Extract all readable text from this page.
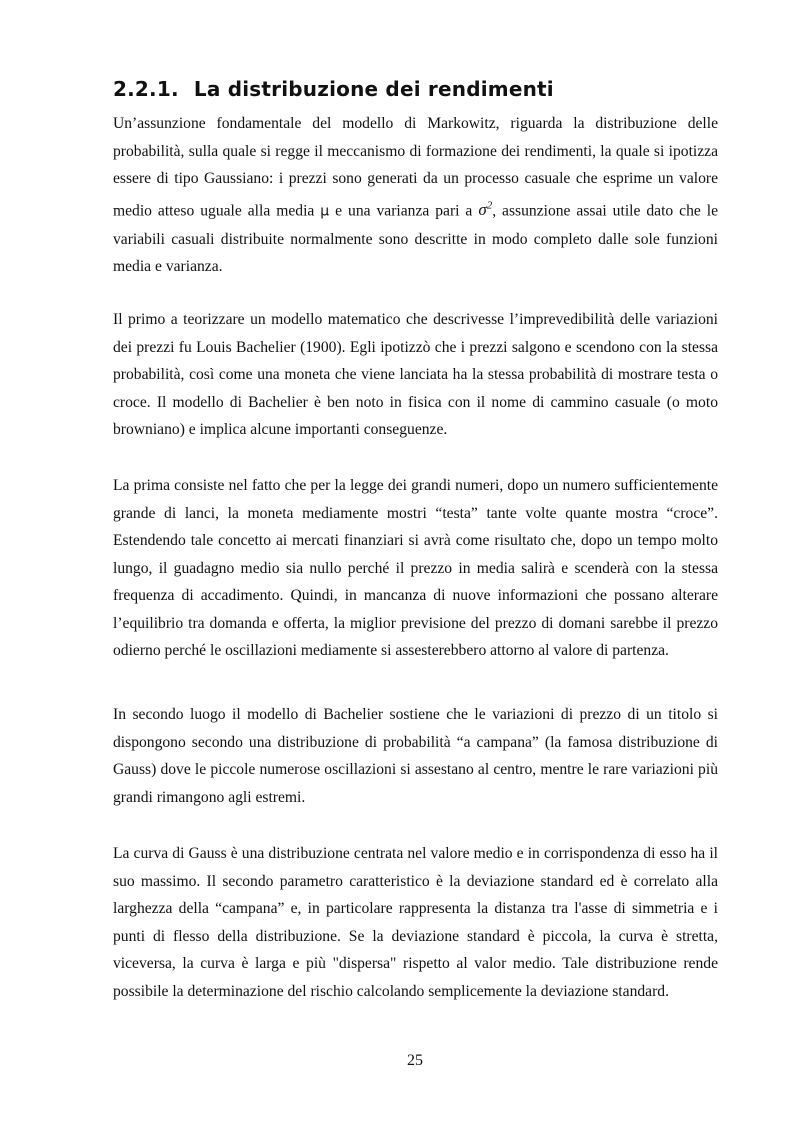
2.2.1. La distribuzione dei rendimenti

Un’assunzione fondamentale del modello di Markowitz, riguarda la distribuzione delle probabilità, sulla quale si regge il meccanismo di formazione dei rendimenti, la quale si ipotizza essere di tipo Gaussiano: i prezzi sono generati da un processo casuale che esprime un valore medio atteso uguale alla media μ e una varianza pari a $\sigma^2$, assunzione assai utile dato che le variabili casuali distribuite normalmente sono descritte in modo completo dalle sole funzioni media e varianza.

Il primo a teorizzare un modello matematico che descrivesse l’imprevedibilità delle variazioni dei prezzi fu Louis Bachelier (1900). Egli ipotizzò che i prezzi salgono e scendono con la stessa probabilità, così come una moneta che viene lanciata ha la stessa probabilità di mostrare testa o croce. Il modello di Bachelier è ben noto in fisica con il nome di cammino casuale (o moto browniano) e implica alcune importanti conseguenze.

La prima consiste nel fatto che per la legge dei grandi numeri, dopo un numero sufficientemente grande di lanci, la moneta mediamente mostri “testa” tante volte quante mostra “croce”. Estendendo tale concetto ai mercati finanziari si avrà come risultato che, dopo un tempo molto lungo, il guadagno medio sia nullo perché il prezzo in media salirà e scenderà con la stessa frequenza di accadimento. Quindi, in mancanza di nuove informazioni che possano alterare l’equilibrio tra domanda e offerta, la miglior previsione del prezzo di domani sarebbe il prezzo odierno perché le oscillazioni mediamente si assesterebbero attorno al valore di partenza.

In secondo luogo il modello di Bachelier sostiene che le variazioni di prezzo di un titolo si dispongono secondo una distribuzione di probabilità “a campana” (la famosa distribuzione di Gauss) dove le piccole numerose oscillazioni si assestano al centro, mentre le rare variazioni più grandi rimangono agli estremi.

La curva di Gauss è una distribuzione centrata nel valore medio e in corrispondenza di esso ha il suo massimo. Il secondo parametro caratteristico è la deviazione standard ed è correlato alla larghezza della “campana” e, in particolare rappresenta la distanza tra l'asse di simmetria e i punti di flesso della distribuzione. Se la deviazione standard è piccola, la curva è stretta, viceversa, la curva è larga e più "dispersa" rispetto al valor medio. Tale distribuzione rende possibile la determinazione del rischio calcolando semplicemente la deviazione standard.

25
